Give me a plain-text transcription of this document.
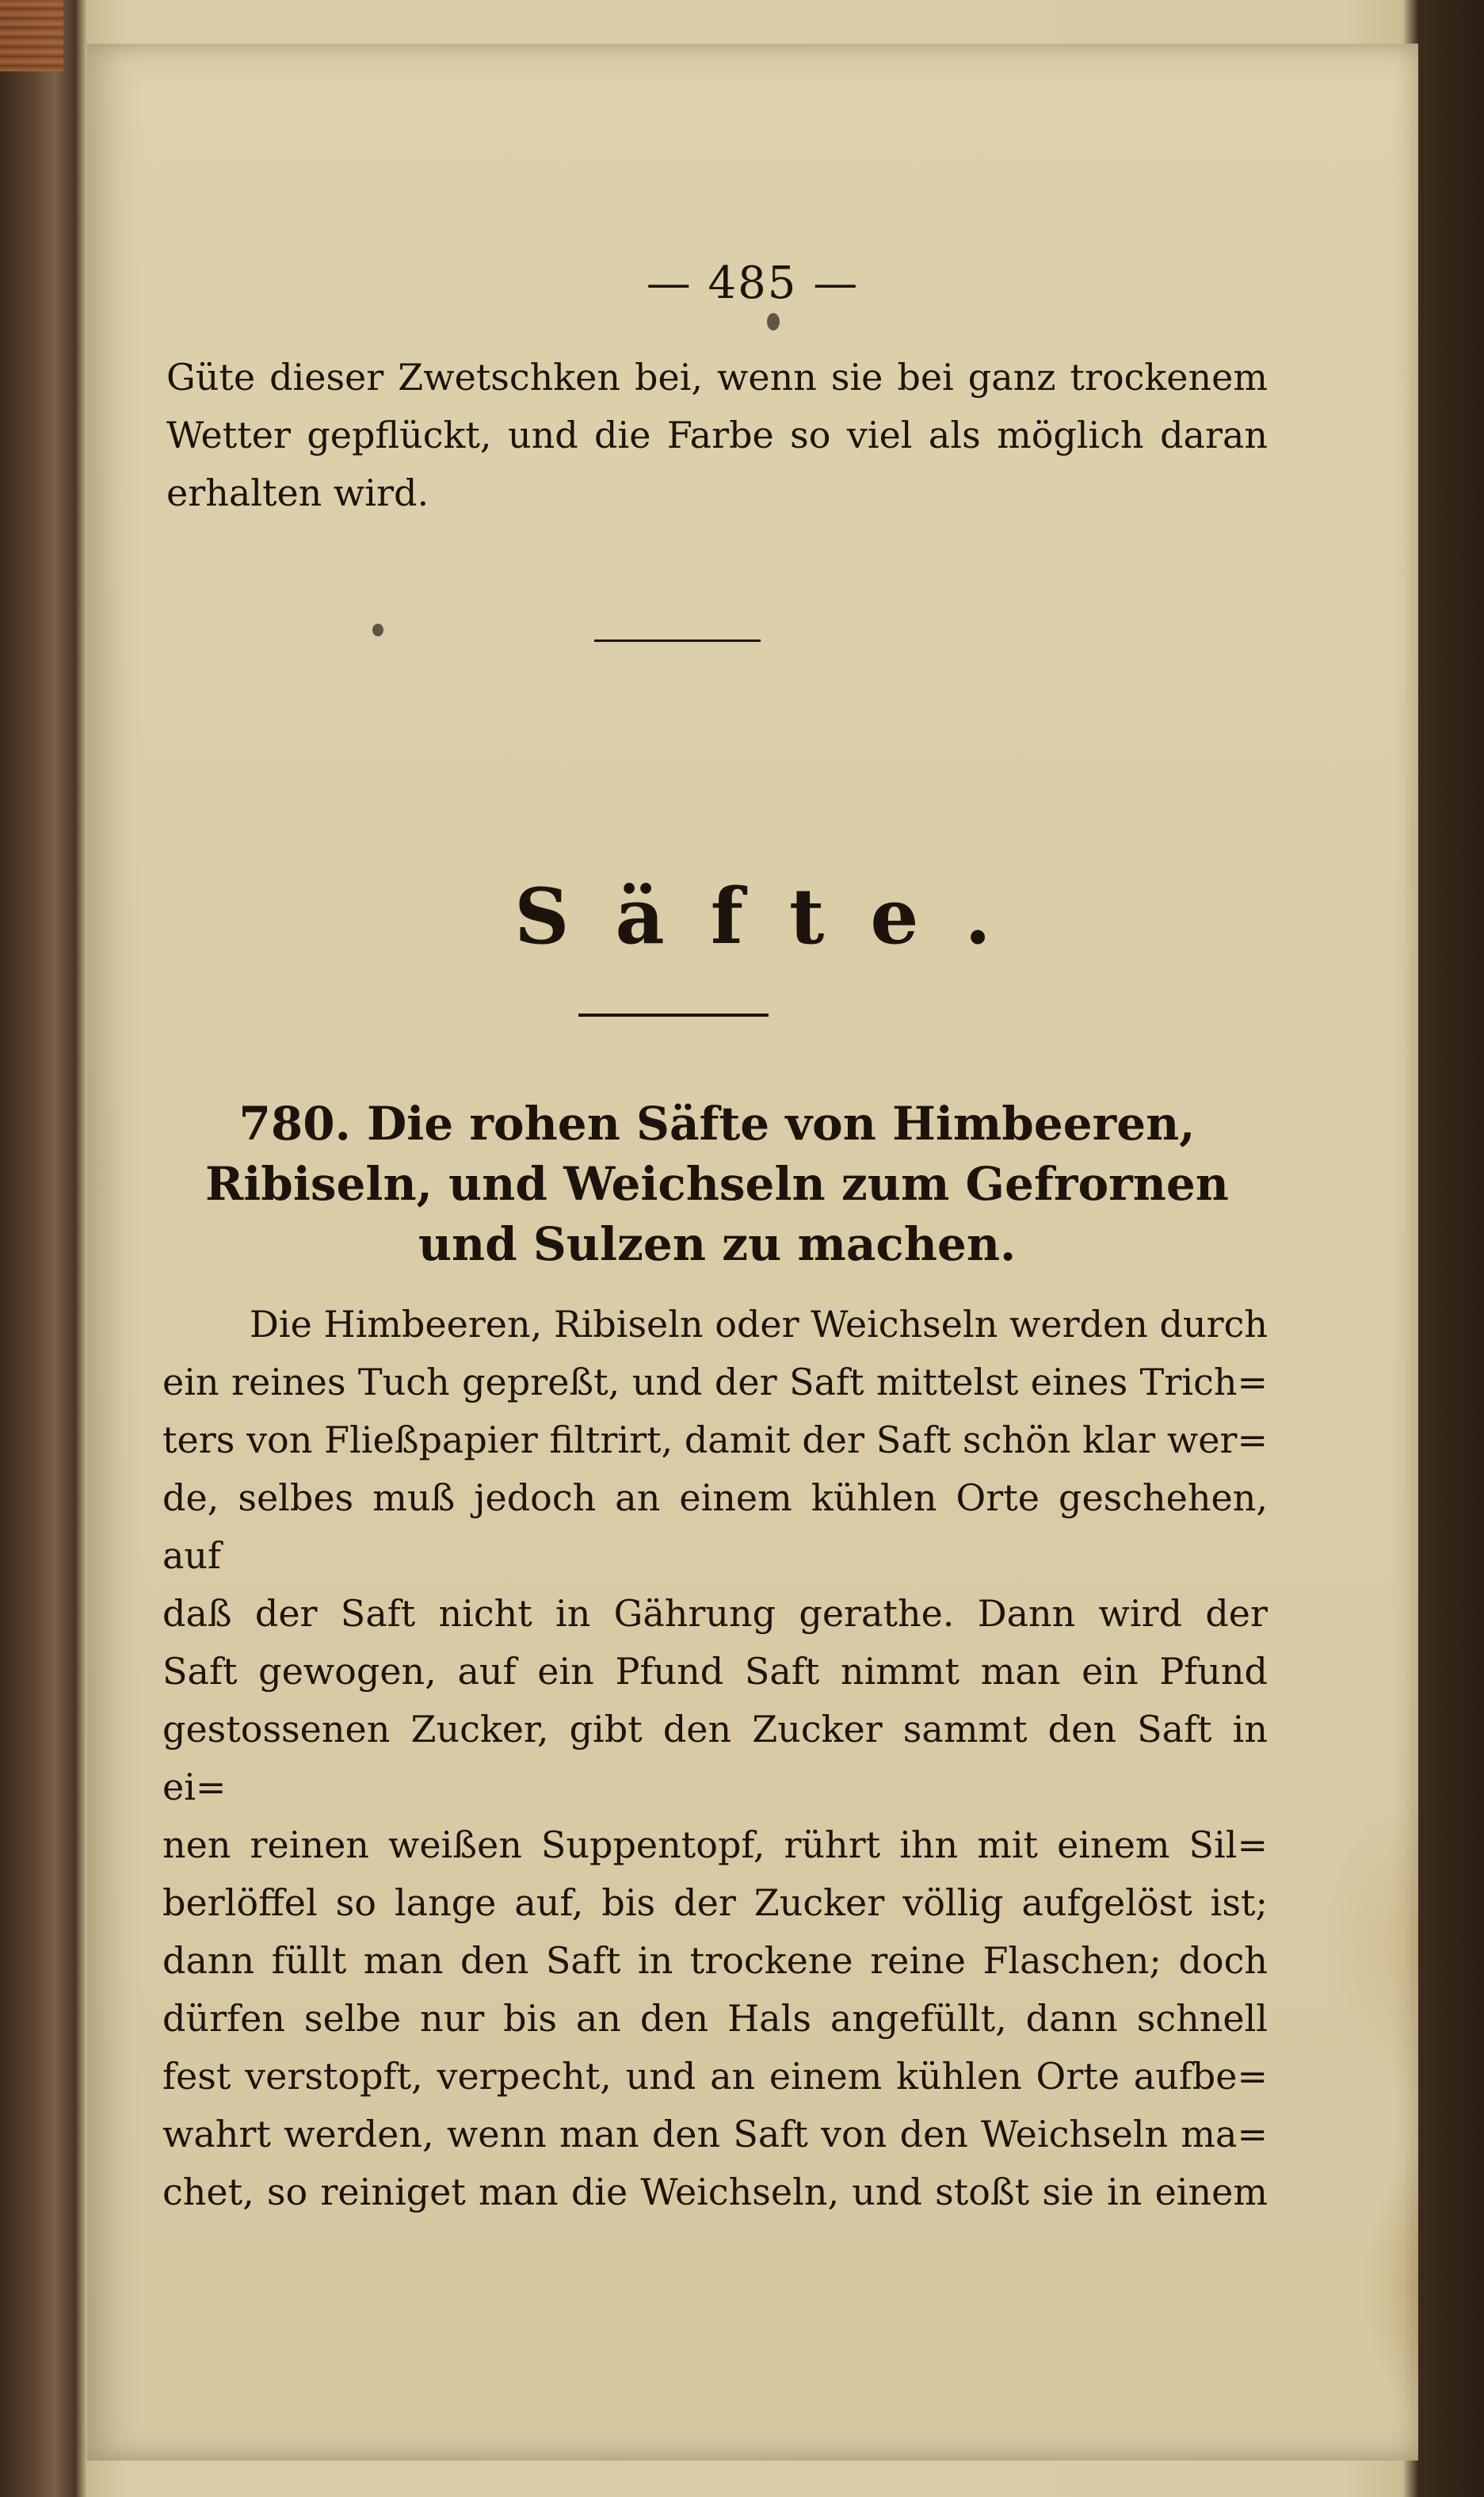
— 485 —
Güte dieser Zwetschken bei, wenn sie bei ganz trockenem
Wetter gepflückt, und die Farbe so viel als möglich daran
erhalten wird.
Säfte.
780. Die rohen Säfte von Himbeeren, Ribiseln, und Weichseln zum Gefrornen und Sulzen zu machen.
Die Himbeeren, Ribiseln oder Weichseln werden durch
ein reines Tuch gepreßt, und der Saft mittelst eines Trich=
ters von Fließpapier filtrirt, damit der Saft schön klar wer=
de, selbes muß jedoch an einem kühlen Orte geschehen, auf
daß der Saft nicht in Gährung gerathe. Dann wird der
Saft gewogen, auf ein Pfund Saft nimmt man ein Pfund
gestossenen Zucker, gibt den Zucker sammt den Saft in ei=
nen reinen weißen Suppentopf, rührt ihn mit einem Sil=
berlöffel so lange auf, bis der Zucker völlig aufgelöst ist;
dann füllt man den Saft in trockene reine Flaschen; doch
dürfen selbe nur bis an den Hals angefüllt, dann schnell
fest verstopft, verpecht, und an einem kühlen Orte aufbe=
wahrt werden, wenn man den Saft von den Weichseln ma=
chet, so reiniget man die Weichseln, und stoßt sie in einem
